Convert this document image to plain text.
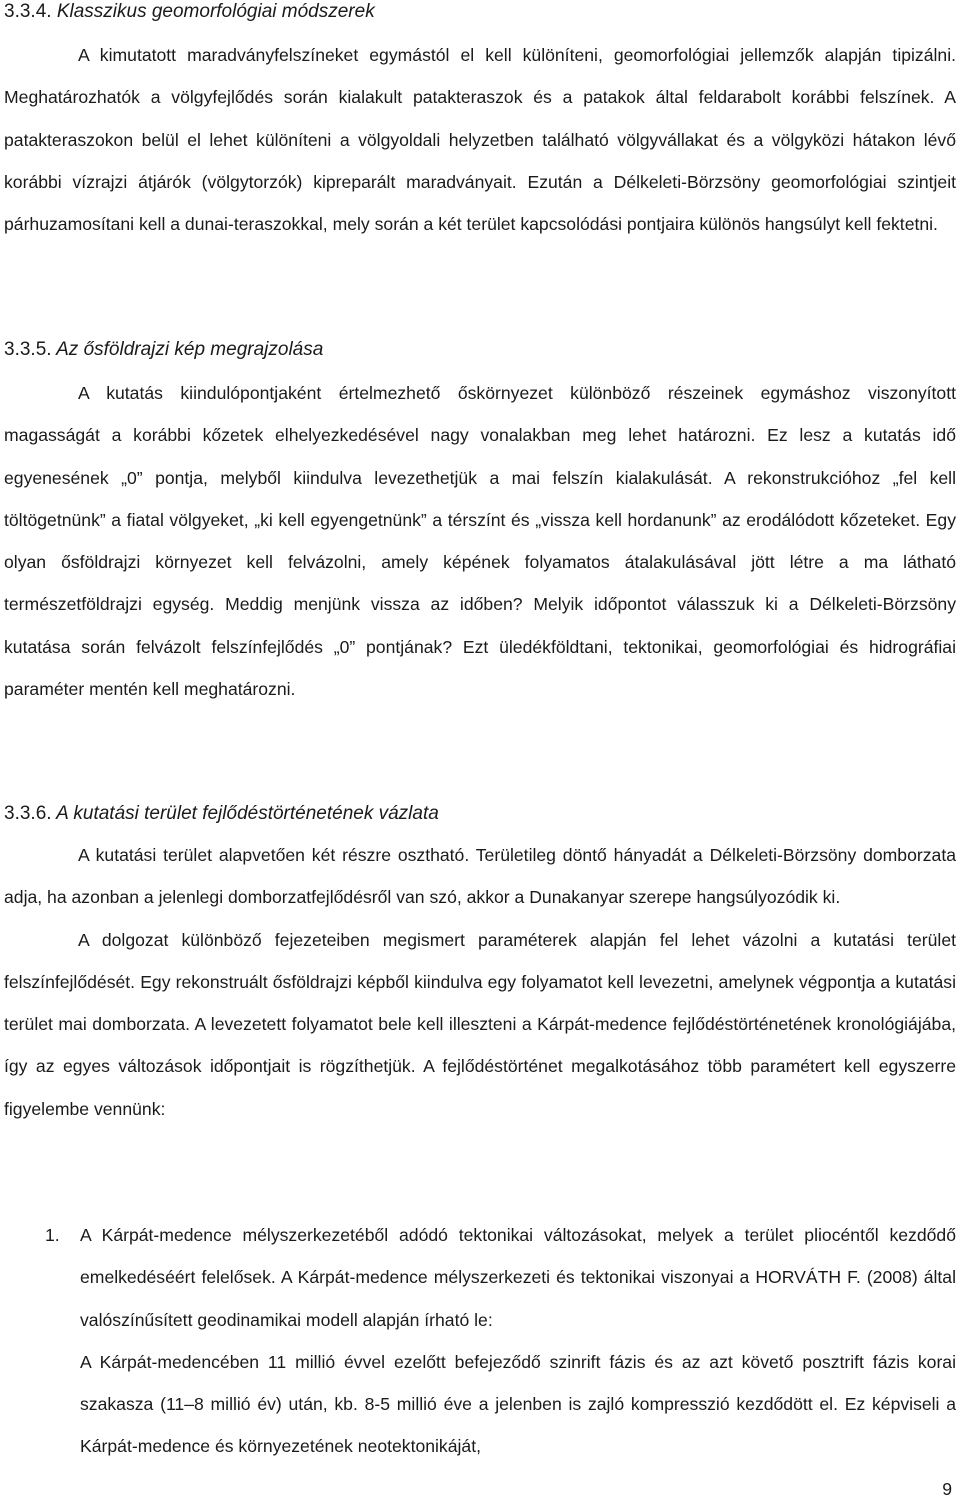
3.3.4. Klasszikus geomorfológiai módszerek

A kimutatott maradványfelszíneket egymástól el kell különíteni, geomorfológiai jellemzők alapján tipizálni. Meghatározhatók a völgyfejlődés során kialakult patakteraszok és a patakok által feldarabolt korábbi felszínek. A patakteraszokon belül el lehet különíteni a völgyoldali helyzetben található völgyvállakat és a völgyközi hátakon lévő korábbi vízrajzi átjárók (völgytorzók) kipreparált maradványait. Ezután a Délkeleti-Börzsöny geomorfológiai szintjeit párhuzamosítani kell a dunai-teraszokkal, mely során a két terület kapcsolódási pontjaira különös hangsúlyt kell fektetni.

3.3.5. Az ősföldrajzi kép megrajzolása

A kutatás kiindulópontjaként értelmezhető őskörnyezet különböző részeinek egymáshoz viszonyított magasságát a korábbi kőzetek elhelyezkedésével nagy vonalakban meg lehet határozni. Ez lesz a kutatás idő egyenesének „0” pontja, melyből kiindulva levezethetjük a mai felszín kialakulását. A rekonstrukcióhoz „fel kell töltögetnünk” a fiatal völgyeket, „ki kell egyengetnünk” a térszínt és „vissza kell hordanunk” az erodálódott kőzeteket. Egy olyan ősföldrajzi környezet kell felvázolni, amely képének folyamatos átalakulásával jött létre a ma látható természetföldrajzi egység. Meddig menjünk vissza az időben? Melyik időpontot válasszuk ki a Délkeleti-Börzsöny kutatása során felvázolt felszínfejlődés „0” pontjának? Ezt üledékföldtani, tektonikai, geomorfológiai és hidrográfiai paraméter mentén kell meghatározni.

3.3.6. A kutatási terület fejlődéstörténetének vázlata

A kutatási terület alapvetően két részre osztható. Területileg döntő hányadát a Délkeleti-Börzsöny domborzata adja, ha azonban a jelenlegi domborzatfejlődésről van szó, akkor a Dunakanyar szerepe hangsúlyozódik ki.

A dolgozat különböző fejezeteiben megismert paraméterek alapján fel lehet vázolni a kutatási terület felszínfejlődését. Egy rekonstruált ősföldrajzi képből kiindulva egy folyamatot kell levezetni, amelynek végpontja a kutatási terület mai domborzata. A levezetett folyamatot bele kell illeszteni a Kárpát-medence fejlődéstörténetének kronológiájába, így az egyes változások időpontjait is rögzíthetjük. A fejlődéstörténet megalkotásához több paramétert kell egyszerre figyelembe vennünk:

1. A Kárpát-medence mélyszerkezetéből adódó tektonikai változásokat, melyek a terület pliocéntől kezdődő emelkedéséért felelősek. A Kárpát-medence mélyszerkezeti és tektonikai viszonyai a HORVÁTH F. (2008) által valószínűsített geodinamikai modell alapján írható le:

A Kárpát-medencében 11 millió évvel ezelőtt befejeződő szinrift fázis és az azt követő posztrift fázis korai szakasza (11–8 millió év) után, kb. 8-5 millió éve a jelenben is zajló kompresszió kezdődött el. Ez képviseli a Kárpát-medence és környezetének neotektonikáját,

9
